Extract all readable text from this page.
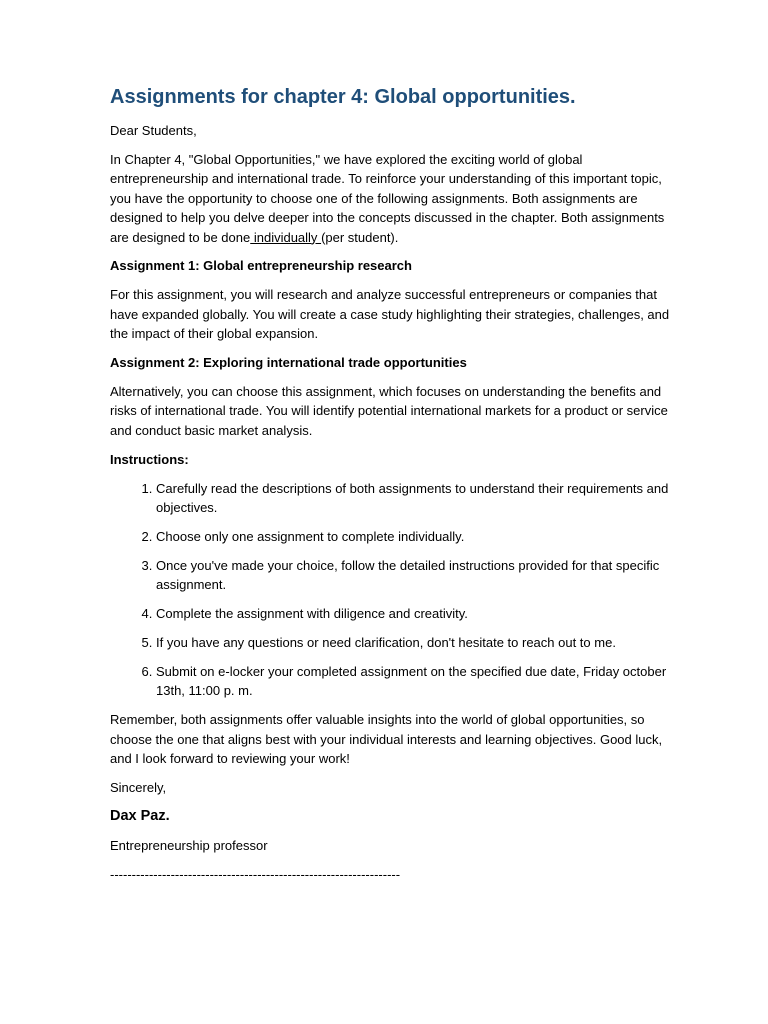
Assignments for chapter 4: Global opportunities.

Dear Students,

In Chapter 4, "Global Opportunities," we have explored the exciting world of global entrepreneurship and international trade. To reinforce your understanding of this important topic, you have the opportunity to choose one of the following assignments. Both assignments are designed to help you delve deeper into the concepts discussed in the chapter. Both assignments are designed to be done individually (per student).

Assignment 1: Global entrepreneurship research

For this assignment, you will research and analyze successful entrepreneurs or companies that have expanded globally. You will create a case study highlighting their strategies, challenges, and the impact of their global expansion.

Assignment 2: Exploring international trade opportunities

Alternatively, you can choose this assignment, which focuses on understanding the benefits and risks of international trade. You will identify potential international markets for a product or service and conduct basic market analysis.

Instructions:

1. Carefully read the descriptions of both assignments to understand their requirements and objectives.
2. Choose only one assignment to complete individually.
3. Once you've made your choice, follow the detailed instructions provided for that specific assignment.
4. Complete the assignment with diligence and creativity.
5. If you have any questions or need clarification, don't hesitate to reach out to me.
6. Submit on e-locker your completed assignment on the specified due date, Friday october 13th, 11:00 p. m.

Remember, both assignments offer valuable insights into the world of global opportunities, so choose the one that aligns best with your individual interests and learning objectives. Good luck, and I look forward to reviewing your work!

Sincerely,

Dax Paz.

Entrepreneurship professor

-------------------------------------------------------------------
